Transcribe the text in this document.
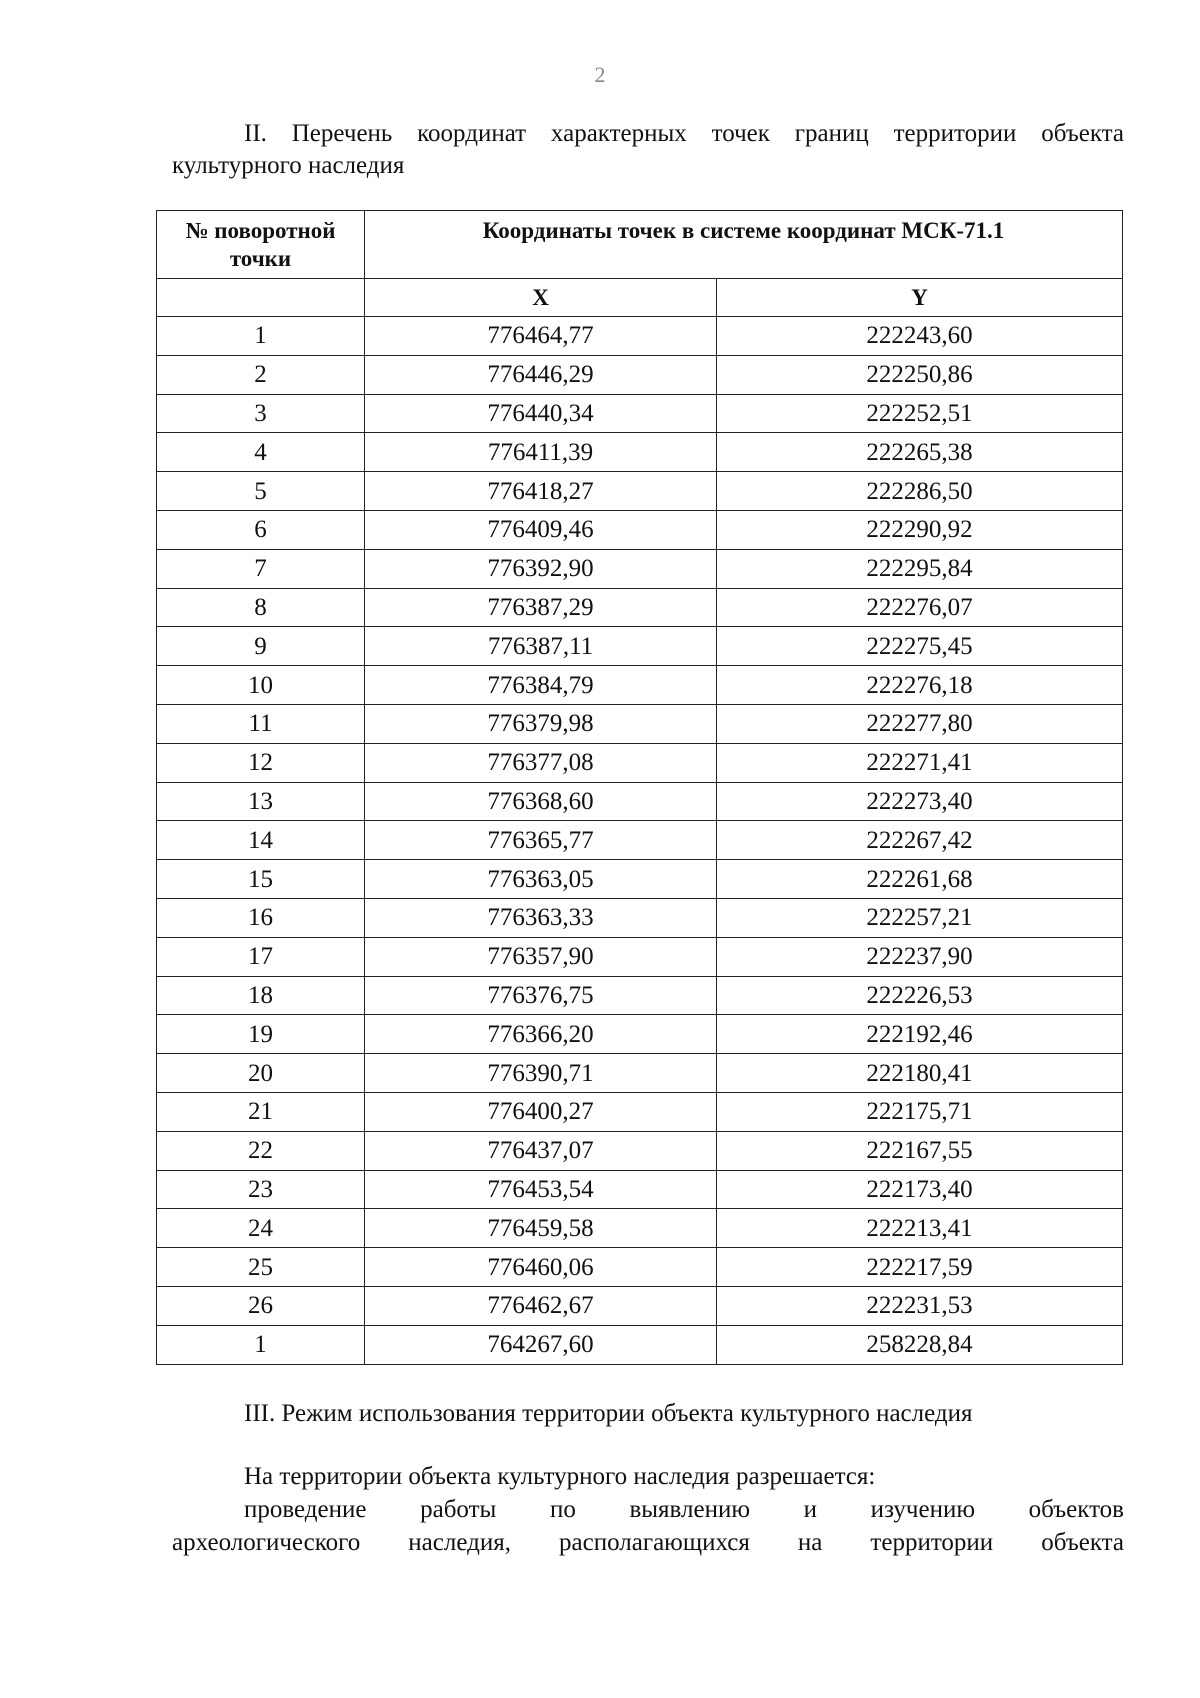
2
II. Перечень координат характерных точек границ территории объекта культурного наследия
№ поворотной точки	Координаты точек в системе координат МСК-71.1	
	X	Y
1	776464,77	222243,60
2	776446,29	222250,86
3	776440,34	222252,51
4	776411,39	222265,38
5	776418,27	222286,50
6	776409,46	222290,92
7	776392,90	222295,84
8	776387,29	222276,07
9	776387,11	222275,45
10	776384,79	222276,18
11	776379,98	222277,80
12	776377,08	222271,41
13	776368,60	222273,40
14	776365,77	222267,42
15	776363,05	222261,68
16	776363,33	222257,21
17	776357,90	222237,90
18	776376,75	222226,53
19	776366,20	222192,46
20	776390,71	222180,41
21	776400,27	222175,71
22	776437,07	222167,55
23	776453,54	222173,40
24	776459,58	222213,41
25	776460,06	222217,59
26	776462,67	222231,53
1	764267,60	258228,84
III. Режим использования территории объекта культурного наследия
На территории объекта культурного наследия разрешается:
проведение работы по выявлению и изучению объектов
археологического наследия, располагающихся на территории объекта
